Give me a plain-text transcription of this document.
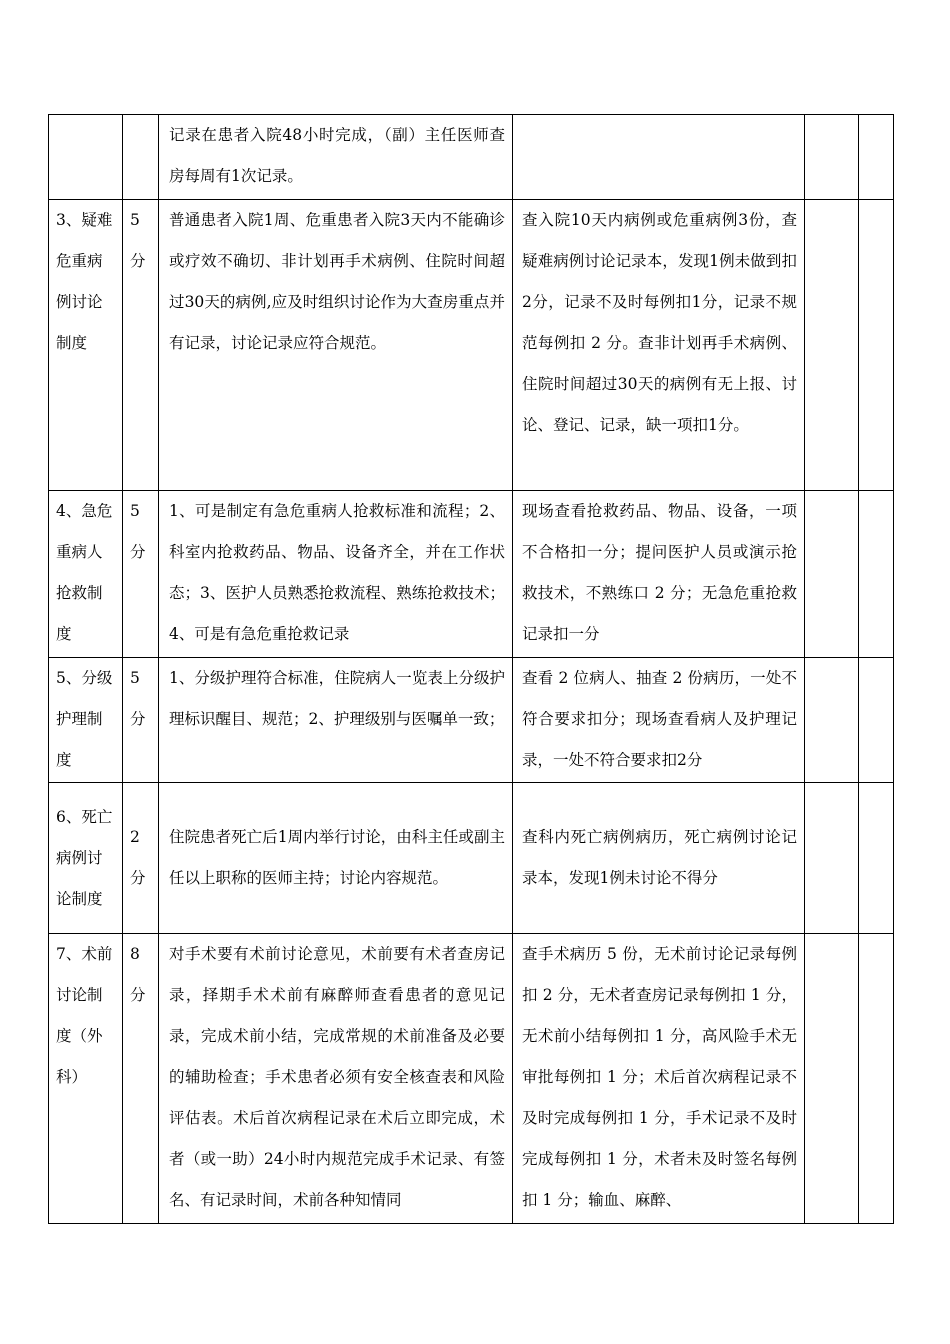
		记录在患者入院48小时完成，（副）主任医师查房每周有1次记录。			
3、疑难危重病例讨论制度	5分	普通患者入院1周、危重患者入院3天内不能确诊或疗效不确切、非计划再手术病例、住院时间超过30天的病例,应及时组织讨论作为大查房重点并有记录，讨论记录应符合规范。	查入院10天内病例或危重病例3份，查疑难病例讨论记录本，发现1例未做到扣2分，记录不及时每例扣1分，记录不规范每例扣 2 分。查非计划再手术病例、住院时间超过30天的病例有无上报、讨论、登记、记录，缺一项扣1分。		
4、急危重病人抢救制度	5分	1、可是制定有急危重病人抢救标准和流程；2、科室内抢救药品、物品、设备齐全，并在工作状态；3、医护人员熟悉抢救流程、熟练抢救技术；4、可是有急危重抢救记录	现场查看抢救药品、物品、设备，一项不合格扣一分；提问医护人员或演示抢救技术，不熟练口 2 分；无急危重抢救记录扣一分		
5、分级护理制度	5分	1、分级护理符合标准，住院病人一览表上分级护理标识醒目、规范；2、护理级别与医嘱单一致；	查看 2 位病人、抽查 2 份病历，一处不符合要求扣分；现场查看病人及护理记录，一处不符合要求扣2分		
6、死亡病例讨论制度	2分	住院患者死亡后1周内举行讨论，由科主任或副主任以上职称的医师主持；讨论内容规范。	查科内死亡病例病历，死亡病例讨论记录本，发现1例未讨论不得分		
7、术前讨论制度（外科）	8分	对手术要有术前讨论意见，术前要有术者查房记录，择期手术术前有麻醉师查看患者的意见记录，完成术前小结，完成常规的术前准备及必要的辅助检查；手术患者必须有安全核查表和风险评估表。术后首次病程记录在术后立即完成，术者（或一助）24小时内规范完成手术记录、有签名、有记录时间，术前各种知情同	查手术病历 5 份，无术前讨论记录每例扣 2 分，无术者查房记录每例扣 1 分，无术前小结每例扣 1 分，高风险手术无审批每例扣 1 分；术后首次病程记录不及时完成每例扣 1 分，手术记录不及时完成每例扣 1 分，术者未及时签名每例扣 1 分；输血、麻醉、		
